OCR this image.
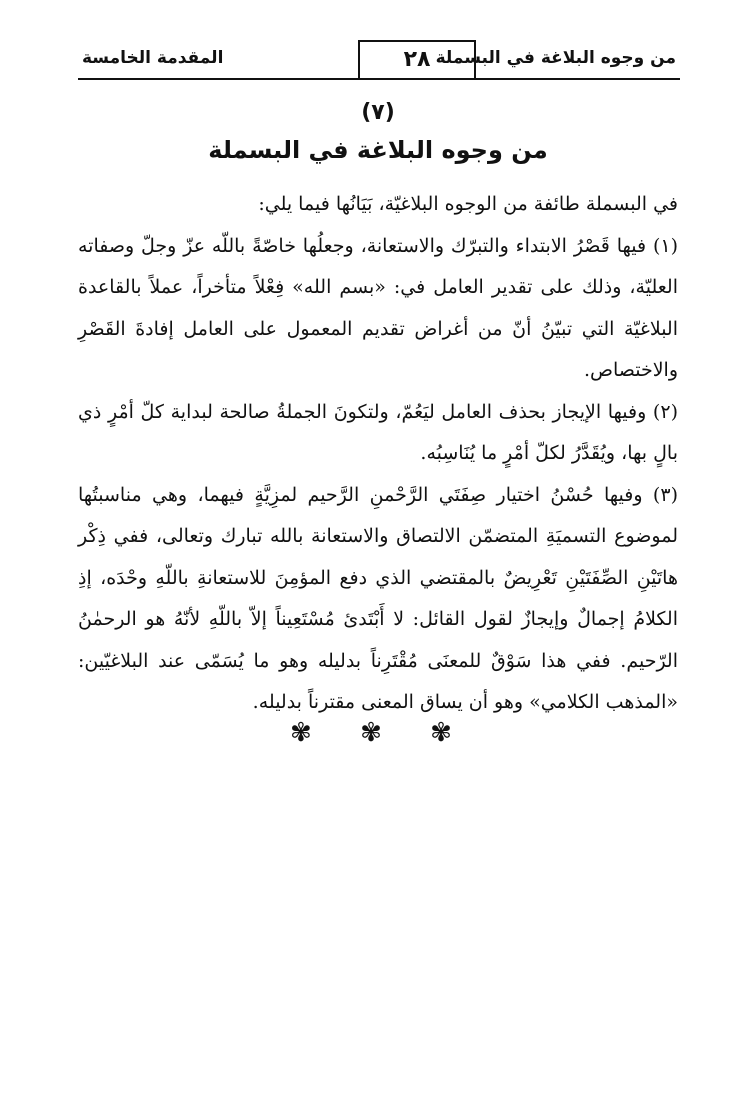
من وجوه البلاغة في البسملة
٢٨
المقدمة الخامسة
(٧)
من وجوه البلاغة في البسملة

في البسملة طائفة من الوجوه البلاغيّة، بَيَانُها فيما يلي:

(١) فيها قَصْرُ الابتداء والتبرّك والاستعانة، وجعلُها خاصّةً باللّه عزّ وجلّ وصفاته العليّة، وذلك على تقدير العامل في: «بسم الله» فِعْلاً متأخراً، عملاً بالقاعدة البلاغيّة التي تبيّنُ أنّ من أغراض تقديم المعمول على العامل إفادةَ القَصْرِ والاختصاص.

(٢) وفيها الإيجاز بحذف العامل ليَعُمّ، ولتكونَ الجملةُ صالحة لبداية كلّ أمْرٍ ذي بالٍ بها، ويُقَدَّرُ لكلّ أمْرٍ ما يُنَاسِبُه.

(٣) وفيها حُسْنُ اختيار صِفَتَي الرَّحْمنِ الرَّحيم لمزِيَّةٍ فيهما، وهي مناسبتُها لموضوع التسميَةِ المتضمّن الالتصاق والاستعانة بالله تبارك وتعالى، ففي ذِكْر هاتَيْنِ الصِّفَتَيْنِ تَعْرِيضٌ بالمقتضي الذي دفع المؤمِنَ للاستعانةِ باللّهِ وحْدَه، إذِ الكلامُ إجمالٌ وإيجازٌ لقول القائل: لا أَبْتَدئ مُسْتَعِيناً إلاّ باللّهِ لأنّهُ هو الرحمٰنُ الرّحيم. ففي هذا سَوْقٌ للمعنَى مُقْتَرِناً بدليله وهو ما يُسَمّى عند البلاغيّين: «المذهب الكلامي» وهو أن يساق المعنى مقترناً بدليله.

✾ ✾ ✾
